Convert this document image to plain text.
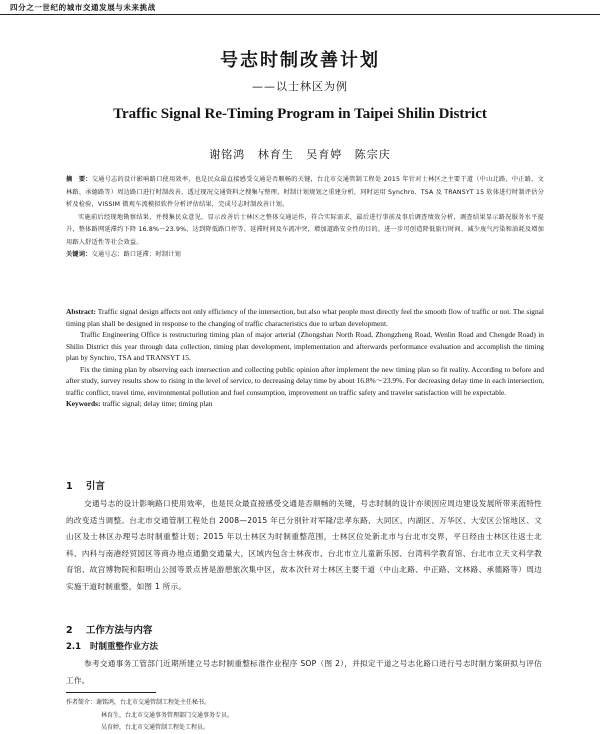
四分之一世纪的城市交通发展与未来挑战
号志时制改善计划
——以士林区为例
Traffic Signal Re-Timing Program in Taipei Shilin District
谢铭鸿 林育生 吴育婷 陈宗庆

摘　要：交通号志的设计影响路口使用效率，也是民众最直接感受交通是否顺畅的关键，台北市交通管制工程处 2015 年针对士林区之主要干道（中山北路、中正路、文林路、承德路等）周边路口进行时制改善，透过现况交通资料之搜集与整理、时制计划规划之重建分析，同时运用 Synchro、TSA 及 TRANSYT 15 软体进行时制评估分析及检验，VISSIM 微观车流模拟软件分析评估结果，完成号志时制改善计划。

实施前后经现地勘察结果，并搜集民众意见，显示改善后士林区之整体交通运作，符合实际需求，最后进行事前及事后调查绩效分析，调查结果显示路况服务水平提升，整体路网延滞约下降 16.8%～23.9%，达到降低路口停等、延滞时间及车流冲突，增加道路安全性的目的，进一步可创造降低旅行时间、减少废气污染和油耗及增加用路人舒适性等社会效益。

关键词：交通号志；路口延滞；时制计划

Abstract: Traffic signal design affects not only efficiency of the intersection, but also what people most directly feel the smooth flow of traffic or not. The signal timing plan shall be designed in response to the changing of traffic characteristics due to urban development.

Traffic Engineering Office is restructuring timing plan of major arterial (Zhongshan North Road, Zhongzheng Road, Wenlin Road and Chengde Road) in Shilin District this year through data collection, timing plan development, implementation and afterwards performance evaluation and accomplish the timing plan by Synchro, TSA and TRANSYT 15.

Fix the timing plan by observing each intersection and collecting public opinion after implement the new timing plan so fit reality. According to before and after study, survey results show to rising in the level of service, to decreasing delay time by about 16.8%～23.9%. For decreasing delay time in each intersection, traffic conflict, travel time, environmental pollution and fuel consumption, improvement on traffic safety and traveler satisfaction will be expectable.

Keywords: traffic signal; delay time; timing plan

1 引言

交通号志的设计影响路口使用效率，也是民众最直接感受交通是否顺畅的关键，号志时制的设计亦须因应周边建设发展所带来流特性的改变适当调整。台北市交通管制工程处自 2008—2015 年已分别针对军隆/忠孝东路、大同区、内湖区、万华区、大安区公馆地区、文山区及士林区办理号志时制重整计划；2015 年以士林区为时制重整范围，士林区位处新北市与台北市交界，平日经由士林区往返士北科、内科与南港经贸园区等商办地点通勤交通量大，区域内包含士林夜市、台北市立儿童新乐园、台湾科学教育馆、台北市立天文科学教育馆、故宫博物院和阳明山公园等景点皆是游憩旅次集中区，故本次针对士林区主要干道（中山北路、中正路、文林路、承德路等）周边实施干道时制重整，如图 1 所示。

2 工作方法与内容
2.1 时制重整作业方法

参考交通事务工管部门近期所建立号志时制重整标准作业程序 SOP（图 2），并拟定干道之号志化路口进行号志时制方案研拟与评估工作。

作者简介：谢铭鸿，台北市交通管制工程处主任秘书。
林育生，台北市交通事务管理部门交通事务专员。
吴育婷，台北市交通管制工程处工程员。
